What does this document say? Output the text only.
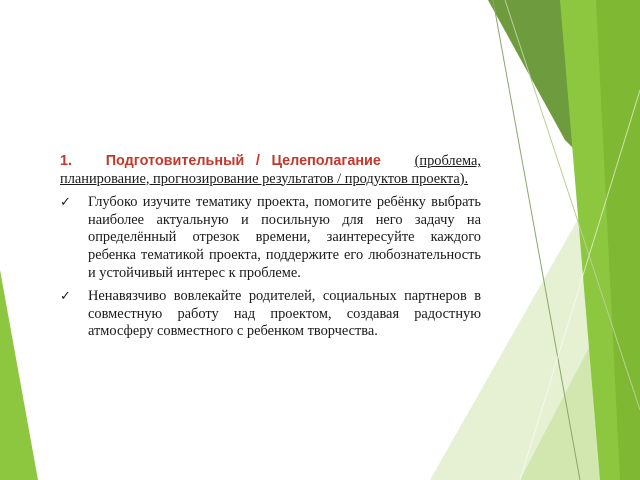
1. Подготовительный / Целеполагание (проблема, планирование, прогнозирование результатов / продуктов проекта).
✓ Глубоко изучите тематику проекта, помогите ребёнку выбрать наиболее актуальную и посильную для него задачу на определённый отрезок времени, заинтересуйте каждого ребенка тематикой проекта, поддержите его любознательность и устойчивый интерес к проблеме.
✓ Ненавязчиво вовлекайте родителей, социальных партнеров в совместную работу над проектом, создавая радостную атмосферу совместного с ребенком творчества.
